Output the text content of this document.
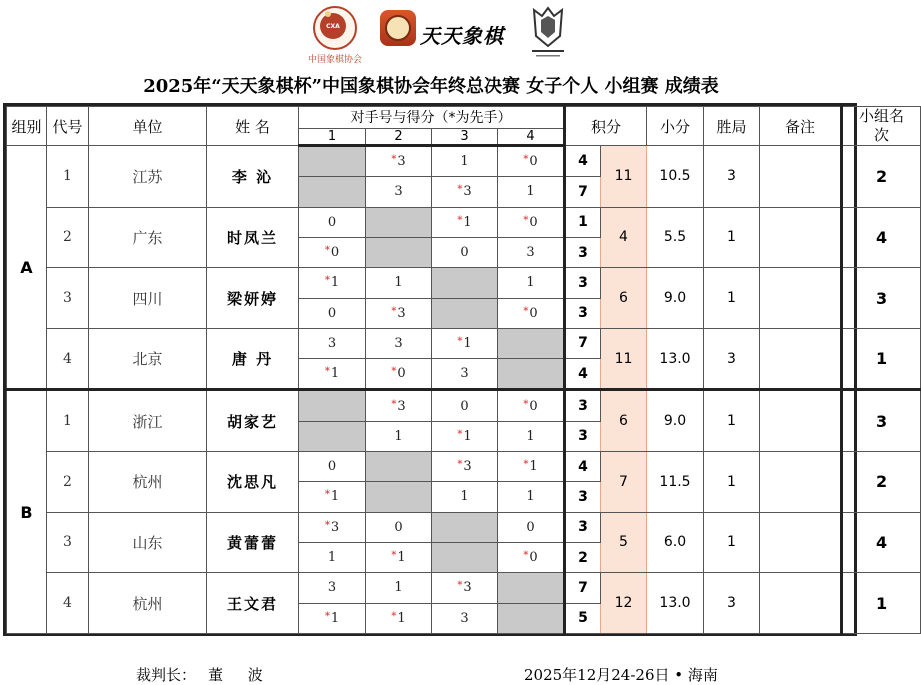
CXA
中国象棋协会
天天象棋
2025年“天天象棋杯”中国象棋协会年终总决赛 女子个人 小组赛 成绩表
组别	代号	单位	姓 名	对手号与得分（*为先手）				积分		小分	胜局	备注	小组名次
				1	2	3	4						
A	1	江苏	李 沁		*3	1	*0	4	11	10.5	3		2
					3	*3	1	7					
	2	广东	时凤兰	0		*1	*0	1	4	5.5	1		4
				*0		0	3	3					
	3	四川	梁妍婷	*1	1		1	3	6	9.0	1		3
				0	*3		*0	3					
	4	北京	唐 丹	3	3	*1		7	11	13.0	3		1
				*1	*0	3		4					
B	1	浙江	胡家艺		*3	0	*0	3	6	9.0	1		3
					1	*1	1	3					
	2	杭州	沈思凡	0		*3	*1	4	7	11.5	1		2
				*1		1	1	3					
	3	山东	黄蕾蕾	*3	0		0	3	5	6.0	1		4
				1	*1		*0	2					
	4	杭州	王文君	3	1	*3		7	12	13.0	3		1
				*1	*1	3		5					
裁判长： 董 波	2025年12月24-26日 • 海南
